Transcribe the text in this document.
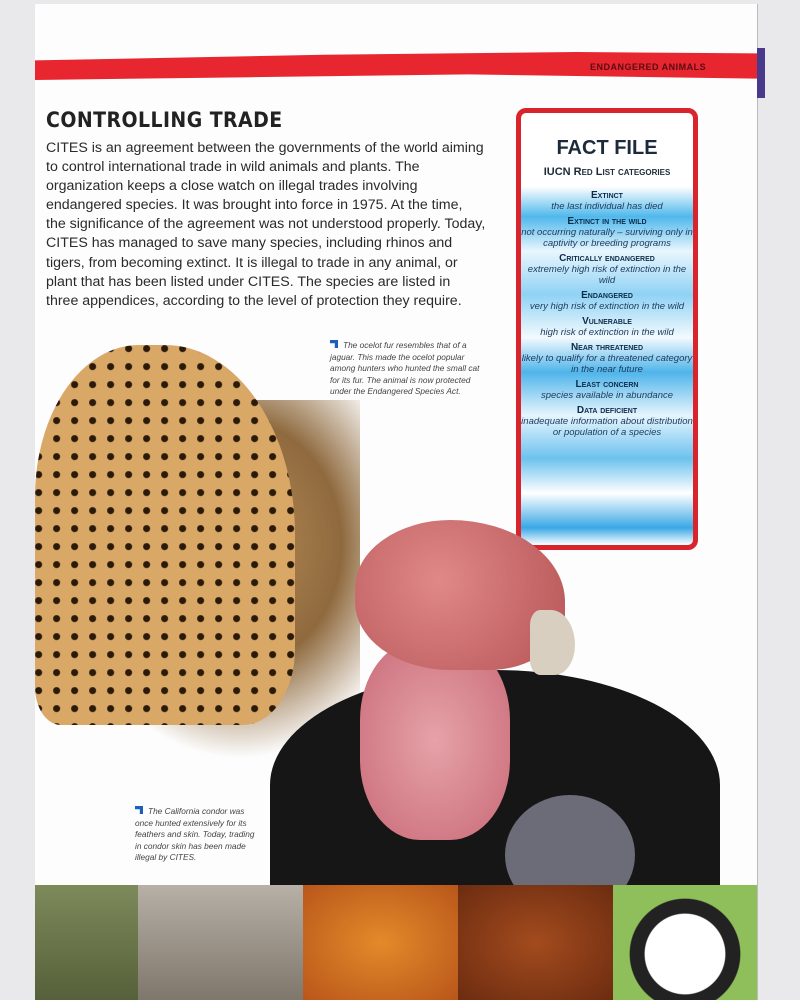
ENDANGERED ANIMALS
CONTROLLING TRADE
CITES is an agreement between the governments of the world aiming to control international trade in wild animals and plants. The organization keeps a close watch on illegal trades involving endangered species. It was brought into force in 1975. At the time, the significance of the agreement was not understood properly. Today, CITES has managed to save many species, including rhinos and tigers, from becoming extinct. It is illegal to trade in any animal, or plant that has been listed under CITES. The species are listed in three appendices, according to the level of protection they require.
FACT FILE
IUCN Red List categories
Extinct
the last individual has died
Extinct in the wild
not occurring naturally – surviving only in captivity or breeding programs
Critically endangered
extremely high risk of extinction in the wild
Endangered
very high risk of extinction in the wild
Vulnerable
high risk of extinction in the wild
Near threatened
likely to qualify for a threatened category in the near future
Least concern
species available in abundance
Data deficient
inadequate information about distribution or population of a species
The ocelot fur resembles that of a jaguar. This made the ocelot popular among hunters who hunted the small cat for its fur. The animal is now protected under the Endangered Species Act.
The California condor was once hunted extensively for its feathers and skin. Today, trading in condor skin has been made illegal by CITES.
